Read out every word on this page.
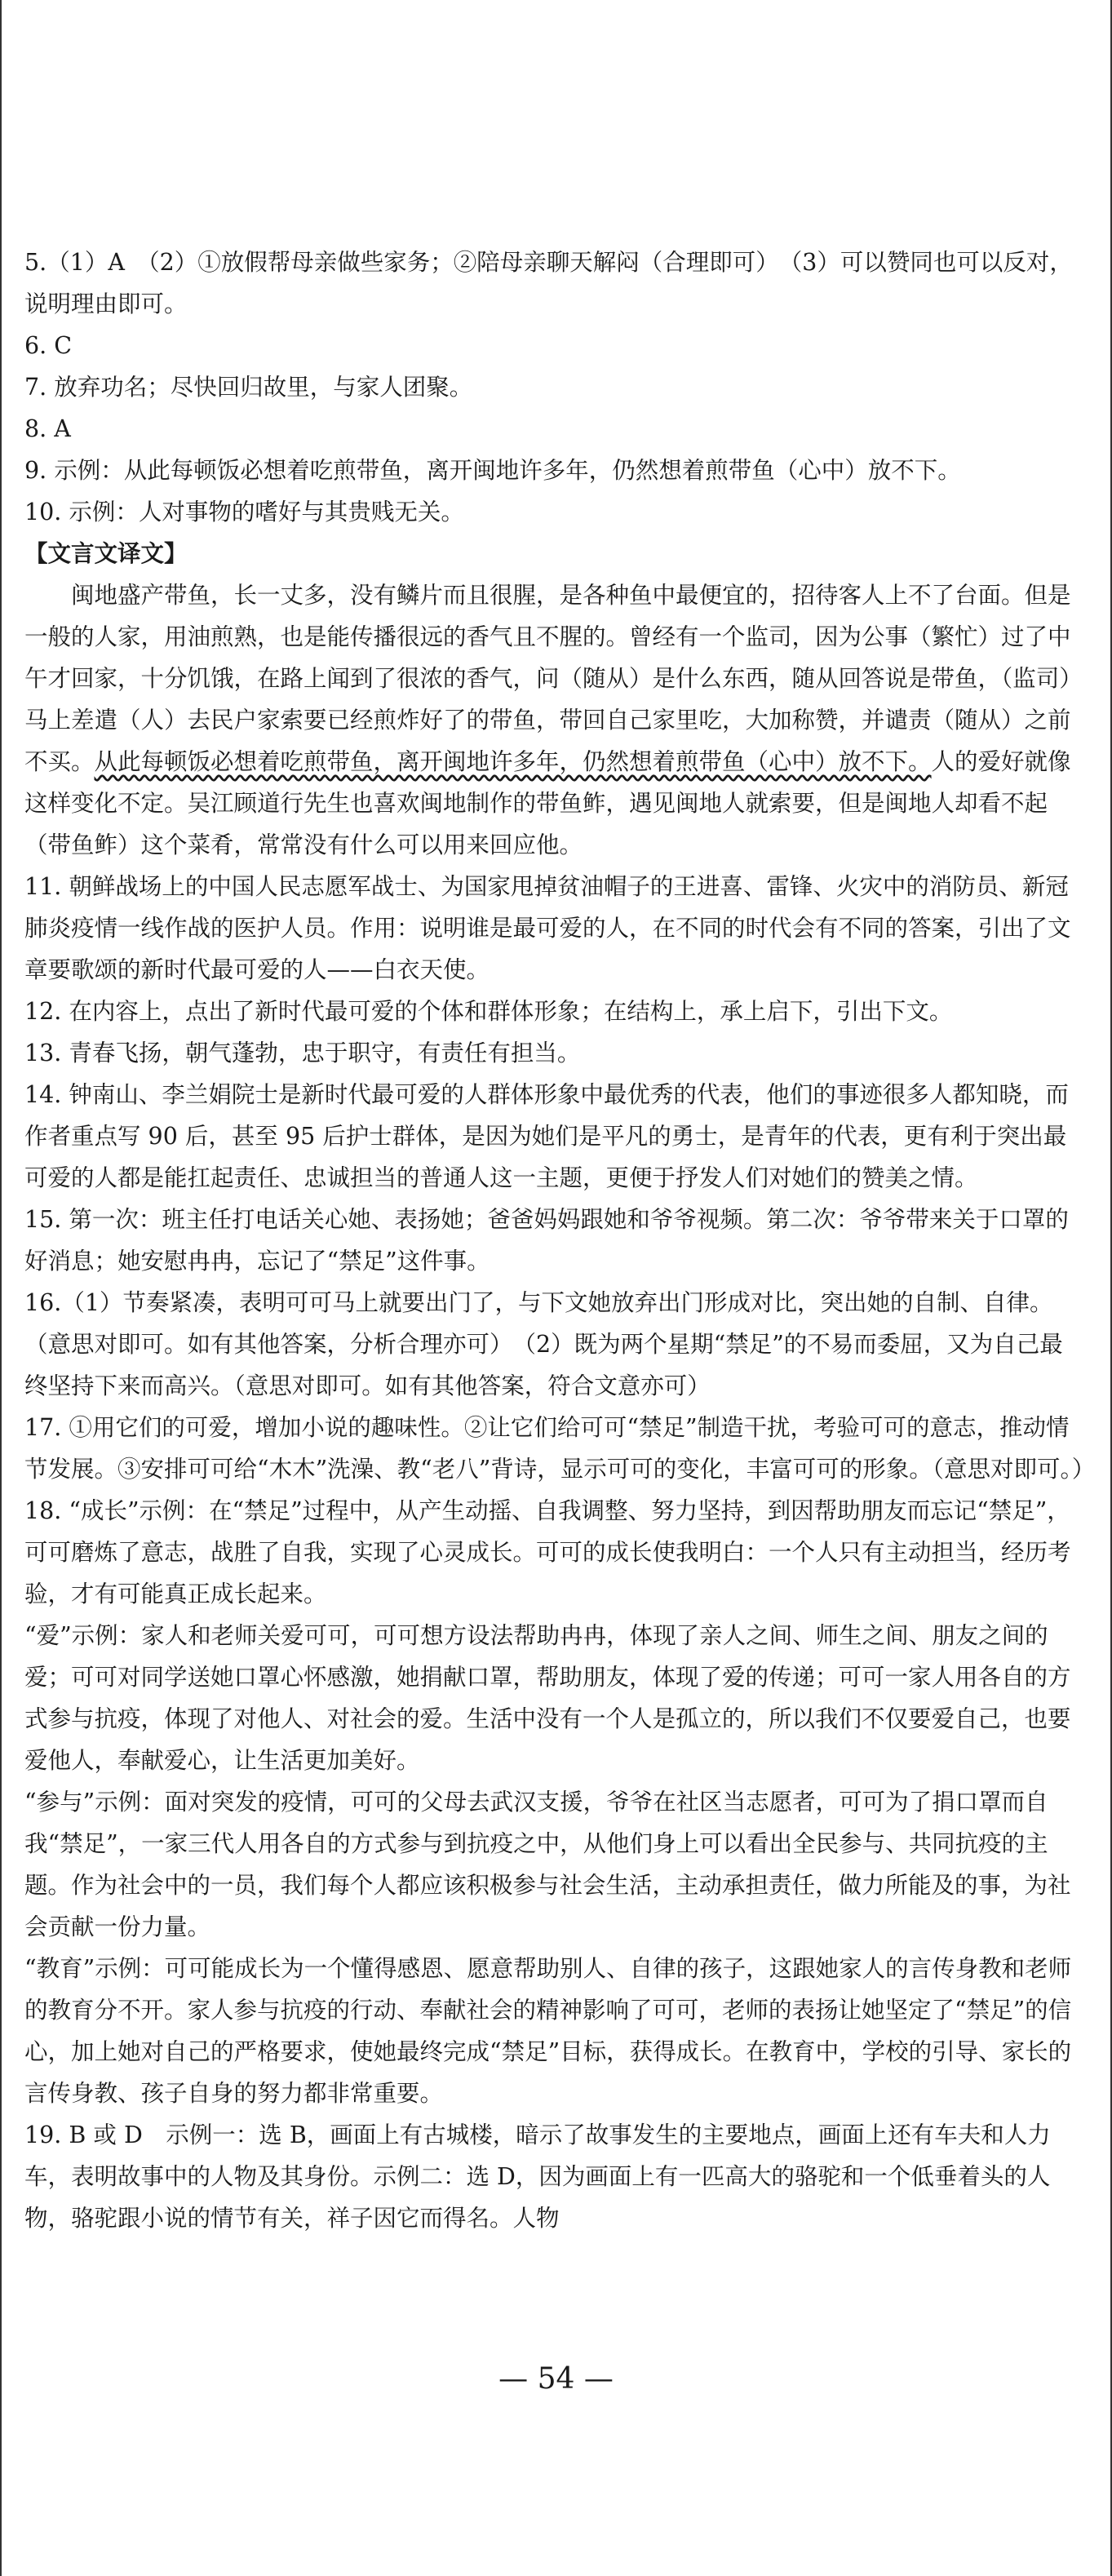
5.（1）A　（2）①放假帮母亲做些家务；②陪母亲聊天解闷（合理即可）　（3）可以赞同也可以反对，说明理由即可。

6. C

7. 放弃功名；尽快回归故里，与家人团聚。

8. A

9. 示例：从此每顿饭必想着吃煎带鱼，离开闽地许多年，仍然想着煎带鱼（心中）放不下。

10. 示例：人对事物的嗜好与其贵贱无关。

【文言文译文】

闽地盛产带鱼，长一丈多，没有鳞片而且很腥，是各种鱼中最便宜的，招待客人上不了台面。但是一般的人家，用油煎熟，也是能传播很远的香气且不腥的。曾经有一个监司，因为公事（繁忙）过了中午才回家，十分饥饿，在路上闻到了很浓的香气，问（随从）是什么东西，随从回答说是带鱼，（监司）马上差遣（人）去民户家索要已经煎炸好了的带鱼，带回自己家里吃，大加称赞，并谴责（随从）之前不买。从此每顿饭必想着吃煎带鱼，离开闽地许多年，仍然想着煎带鱼（心中）放不下。人的爱好就像这样变化不定。吴江顾道行先生也喜欢闽地制作的带鱼鲊，遇见闽地人就索要，但是闽地人却看不起（带鱼鲊）这个菜肴，常常没有什么可以用来回应他。

11. 朝鲜战场上的中国人民志愿军战士、为国家甩掉贫油帽子的王进喜、雷锋、火灾中的消防员、新冠肺炎疫情一线作战的医护人员。作用：说明谁是最可爱的人，在不同的时代会有不同的答案，引出了文章要歌颂的新时代最可爱的人——白衣天使。

12. 在内容上，点出了新时代最可爱的个体和群体形象；在结构上，承上启下，引出下文。

13. 青春飞扬，朝气蓬勃，忠于职守，有责任有担当。

14. 钟南山、李兰娟院士是新时代最可爱的人群体形象中最优秀的代表，他们的事迹很多人都知晓，而作者重点写 90 后，甚至 95 后护士群体，是因为她们是平凡的勇士，是青年的代表，更有利于突出最可爱的人都是能扛起责任、忠诚担当的普通人这一主题，更便于抒发人们对她们的赞美之情。

15. 第一次：班主任打电话关心她、表扬她；爸爸妈妈跟她和爷爷视频。第二次：爷爷带来关于口罩的好消息；她安慰冉冉，忘记了“禁足”这件事。

16.（1）节奏紧凑，表明可可马上就要出门了，与下文她放弃出门形成对比，突出她的自制、自律。（意思对即可。如有其他答案，分析合理亦可）　（2）既为两个星期“禁足”的不易而委屈，又为自己最终坚持下来而高兴。（意思对即可。如有其他答案，符合文意亦可）

17. ①用它们的可爱，增加小说的趣味性。②让它们给可可“禁足”制造干扰，考验可可的意志，推动情节发展。③安排可可给“木木”洗澡、教“老八”背诗，显示可可的变化，丰富可可的形象。（意思对即可。）

18. “成长”示例：在“禁足”过程中，从产生动摇、自我调整、努力坚持，到因帮助朋友而忘记“禁足”，可可磨炼了意志，战胜了自我，实现了心灵成长。可可的成长使我明白：一个人只有主动担当，经历考验，才有可能真正成长起来。

“爱”示例：家人和老师关爱可可，可可想方设法帮助冉冉，体现了亲人之间、师生之间、朋友之间的爱；可可对同学送她口罩心怀感激，她捐献口罩，帮助朋友，体现了爱的传递；可可一家人用各自的方式参与抗疫，体现了对他人、对社会的爱。生活中没有一个人是孤立的，所以我们不仅要爱自己，也要爱他人，奉献爱心，让生活更加美好。

“参与”示例：面对突发的疫情，可可的父母去武汉支援，爷爷在社区当志愿者，可可为了捐口罩而自我“禁足”，一家三代人用各自的方式参与到抗疫之中，从他们身上可以看出全民参与、共同抗疫的主题。作为社会中的一员，我们每个人都应该积极参与社会生活，主动承担责任，做力所能及的事，为社会贡献一份力量。

“教育”示例：可可能成长为一个懂得感恩、愿意帮助别人、自律的孩子，这跟她家人的言传身教和老师的教育分不开。家人参与抗疫的行动、奉献社会的精神影响了可可，老师的表扬让她坚定了“禁足”的信心，加上她对自己的严格要求，使她最终完成“禁足”目标，获得成长。在教育中，学校的引导、家长的言传身教、孩子自身的努力都非常重要。

19. B 或 D　示例一：选 B，画面上有古城楼，暗示了故事发生的主要地点，画面上还有车夫和人力车，表明故事中的人物及其身份。示例二：选 D，因为画面上有一匹高大的骆驼和一个低垂着头的人物，骆驼跟小说的情节有关，祥子因它而得名。人物

— 54 —
